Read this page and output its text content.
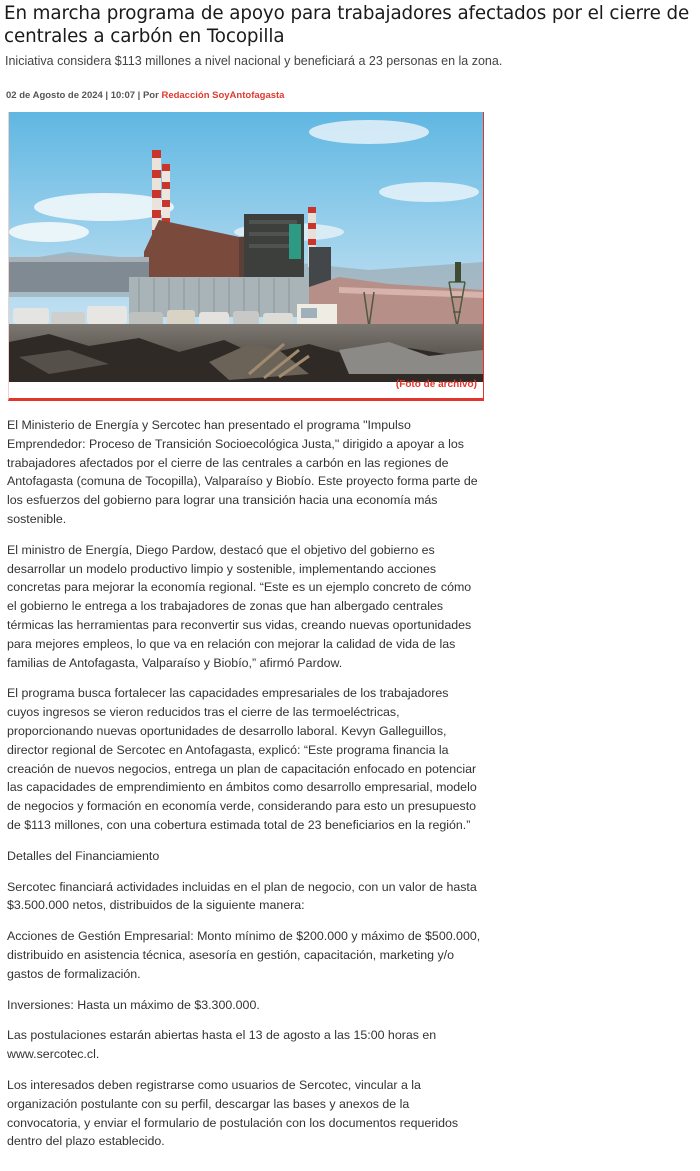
En marcha programa de apoyo para trabajadores afectados por el cierre de centrales a carbón en Tocopilla

Iniciativa considera $113 millones a nivel nacional y beneficiará a 23 personas en la zona.

02 de Agosto de 2024 | 10:07 | Por Redacción SoyAntofagasta
(Foto de archivo)

El Ministerio de Energía y Sercotec han presentado el programa "Impulso Emprendedor: Proceso de Transición Socioecológica Justa," dirigido a apoyar a los trabajadores afectados por el cierre de las centrales a carbón en las regiones de Antofagasta (comuna de Tocopilla), Valparaíso y Biobío. Este proyecto forma parte de los esfuerzos del gobierno para lograr una transición hacia una economía más sostenible.

El ministro de Energía, Diego Pardow, destacó que el objetivo del gobierno es desarrollar un modelo productivo limpio y sostenible, implementando acciones concretas para mejorar la economía regional. “Este es un ejemplo concreto de cómo el gobierno le entrega a los trabajadores de zonas que han albergado centrales térmicas las herramientas para reconvertir sus vidas, creando nuevas oportunidades para mejores empleos, lo que va en relación con mejorar la calidad de vida de las familias de Antofagasta, Valparaíso y Biobío,” afirmó Pardow.

El programa busca fortalecer las capacidades empresariales de los trabajadores cuyos ingresos se vieron reducidos tras el cierre de las termoeléctricas, proporcionando nuevas oportunidades de desarrollo laboral. Kevyn Galleguillos, director regional de Sercotec en Antofagasta, explicó: “Este programa financia la creación de nuevos negocios, entrega un plan de capacitación enfocado en potenciar las capacidades de emprendimiento en ámbitos como desarrollo empresarial, modelo de negocios y formación en economía verde, considerando para esto un presupuesto de $113 millones, con una cobertura estimada total de 23 beneficiarios en la región.”

Detalles del Financiamiento

Sercotec financiará actividades incluidas en el plan de negocio, con un valor de hasta $3.500.000 netos, distribuidos de la siguiente manera:

Acciones de Gestión Empresarial: Monto mínimo de $200.000 y máximo de $500.000, distribuido en asistencia técnica, asesoría en gestión, capacitación, marketing y/o gastos de formalización.

Inversiones: Hasta un máximo de $3.300.000.

Las postulaciones estarán abiertas hasta el 13 de agosto a las 15:00 horas en www.sercotec.cl.

Los interesados deben registrarse como usuarios de Sercotec, vincular a la organización postulante con su perfil, descargar las bases y anexos de la convocatoria, y enviar el formulario de postulación con los documentos requeridos dentro del plazo establecido.
